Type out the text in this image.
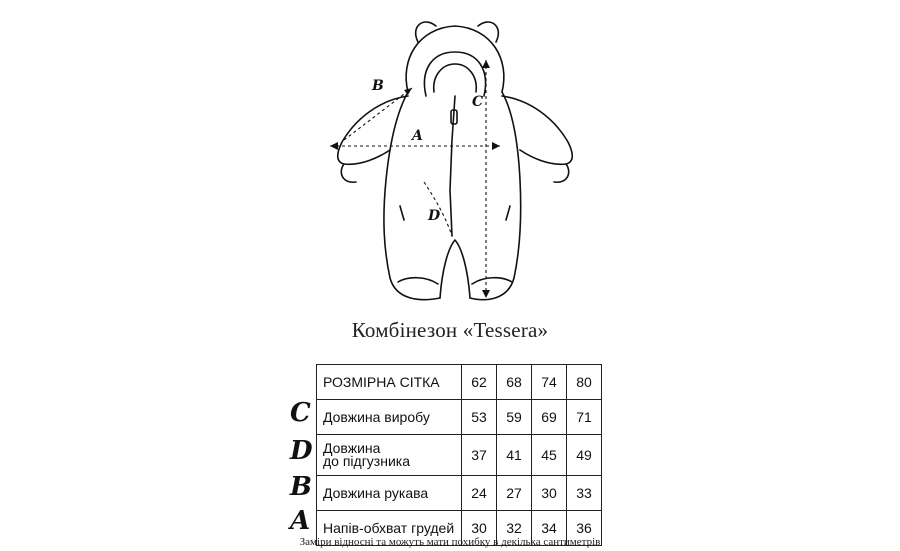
B
A
C
D
Комбінезон «Tessera»
C
D
B
A
РОЗМІРНА СІТКА	62	68	74	80
Довжина виробу	53	59	69	71

Довжина
до підгузника	37	41	45	49
Довжина рукава	24	27	30	33
Напів-обхват грудей	30	32	34	36
Заміри відносні та можуть мати похибку в декілька сантиметрів
